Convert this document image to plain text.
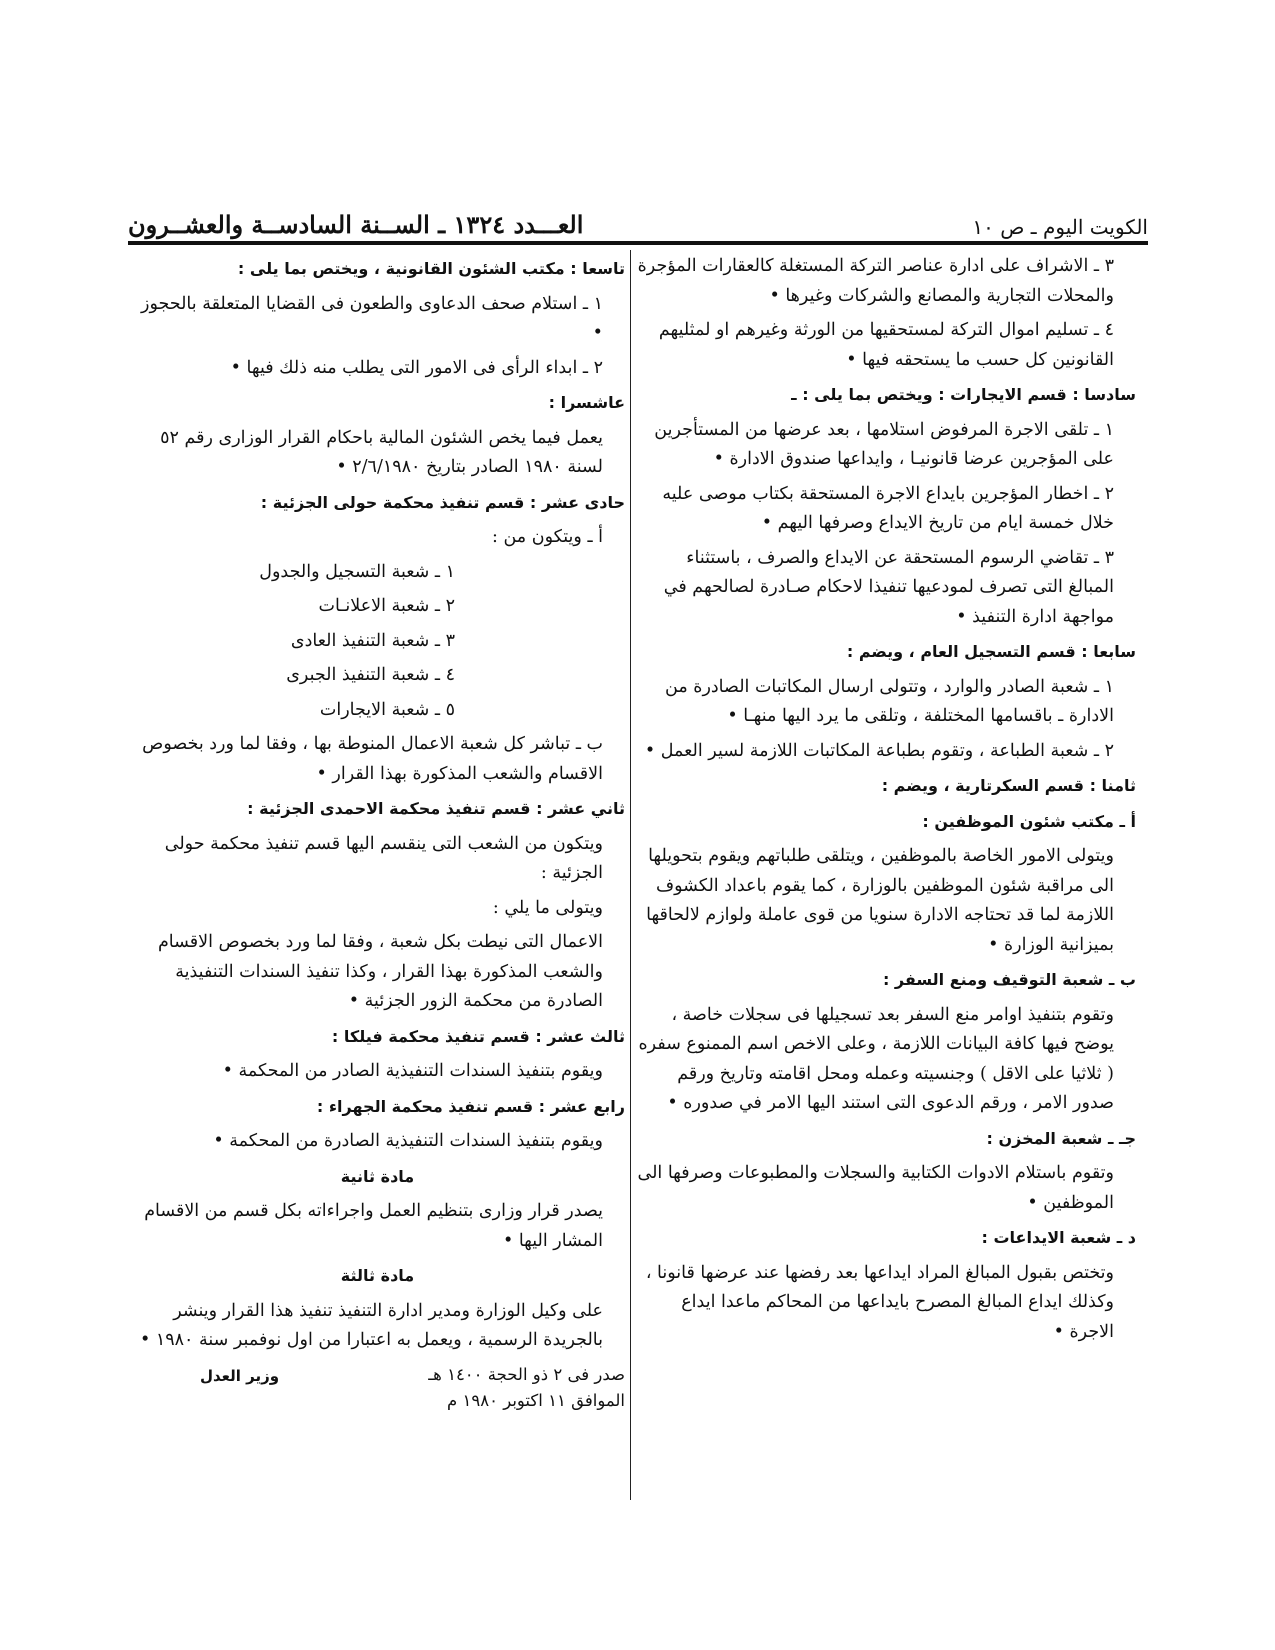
الكويت اليوم ـ ص ١٠
العـــدد ١٣٢٤ ـ الســنة السادســة والعشــرون

٣ ـ الاشراف على ادارة عناصر التركة المستغلة كالعقارات المؤجرة والمحلات التجارية والمصانع والشركات وغيرها •

٤ ـ تسليم اموال التركة لمستحقيها من الورثة وغيرهم او لمثليهم القانونين كل حسب ما يستحقه فيها •

سادسا : قسم الايجارات : ويختص بما يلى : ـ

١ ـ تلقى الاجرة المرفوض استلامها ، بعد عرضها من المستأجرين على المؤجرين عرضا قانونيـا ، وايداعها صندوق الادارة •

٢ ـ اخطار المؤجرين بايداع الاجرة المستحقة بكتاب موصى عليه خلال خمسة ايام من تاريخ الايداع وصرفها اليهم •

٣ ـ تقاضي الرسوم المستحقة عن الايداع والصرف ، باستثناء المبالغ التى تصرف لمودعيها تنفيذا لاحكام صـادرة لصالحهم في مواجهة ادارة التنفيذ •

سابعا : قسم التسجيل العام ، ويضم :

١ ـ شعبة الصادر والوارد ، وتتولى ارسال المكاتبات الصادرة من الادارة ـ باقسامها المختلفة ، وتلقى ما يرد اليها منهـا •

٢ ـ شعبة الطباعة ، وتقوم بطباعة المكاتبات اللازمة لسير العمل •

ثامنا : قسم السكرتارية ، ويضم :
أ ـ مكتب شئون الموظفين :

ويتولى الامور الخاصة بالموظفين ، ويتلقى طلباتهم ويقوم بتحويلها الى مراقبة شئون الموظفين بالوزارة ، كما يقوم باعداد الكشوف اللازمة لما قد تحتاجه الادارة سنويا من قوى عاملة ولوازم لالحاقها بميزانية الوزارة •

ب ـ شعبة التوقيف ومنع السفر :

وتقوم بتنفيذ اوامر منع السفر بعد تسجيلها فى سجلات خاصة ، يوضح فيها كافة البيانات اللازمة ، وعلى الاخص اسم الممنوع سفره ( ثلاثيا على الاقل ) وجنسيته وعمله ومحل اقامته وتاريخ ورقم صدور الامر ، ورقم الدعوى التى استند اليها الامر في صدوره •

جـ ـ شعبة المخزن :

وتقوم باستلام الادوات الكتابية والسجلات والمطبوعات وصرفها الى الموظفين •

د ـ شعبة الايداعات :

وتختص بقبول المبالغ المراد ايداعها بعد رفضها عند عرضها قانونا ، وكذلك ايداع المبالغ المصرح بايداعها من المحاكم ماعدا ايداع الاجرة •

تاسعا : مكتب الشئون القانونية ، ويختص بما يلى :

١ ـ استلام صحف الدعاوى والطعون فى القضايا المتعلقة بالحجوز •

٢ ـ ابداء الرأى فى الامور التى يطلب منه ذلك فيها •

عاشسرا :

يعمل فيما يخص الشئون المالية باحكام القرار الوزارى رقم ٥٢ لسنة ١٩٨٠ الصادر بتاريخ ٢/٦/١٩٨٠ •

حادى عشر : قسم تنفيذ محكمة حولى الجزئية :

أ ـ ويتكون من :

١ ـ شعبة التسجيل والجدول

٢ ـ شعبة الاعلانـات

٣ ـ شعبة التنفيذ العادى

٤ ـ شعبة التنفيذ الجبرى

٥ ـ شعبة الايجارات

ب ـ تباشر كل شعبة الاعمال المنوطة بها ، وفقا لما ورد بخصوص الاقسام والشعب المذكورة بهذا القرار •

ثاني عشر : قسم تنفيذ محكمة الاحمدى الجزئية :

ويتكون من الشعب التى ينقسم اليها قسم تنفيذ محكمة حولى الجزئية :

ويتولى ما يلي :

الاعمال التى نيطت بكل شعبة ، وفقا لما ورد بخصوص الاقسام والشعب المذكورة بهذا القرار ، وكذا تنفيذ السندات التنفيذية الصادرة من محكمة الزور الجزئية •

ثالث عشر : قسم تنفيذ محكمة فيلكا :

ويقوم بتنفيذ السندات التنفيذية الصادر من المحكمة •

رابع عشر : قسم تنفيذ محكمة الجهراء :

ويقوم بتنفيذ السندات التنفيذية الصادرة من المحكمة •

مادة ثانية

يصدر قرار وزارى بتنظيم العمل واجراءاته بكل قسم من الاقسام المشار اليها •

مادة ثالثة

على وكيل الوزارة ومدير ادارة التنفيذ تنفيذ هذا القرار وينشر بالجريدة الرسمية ، ويعمل به اعتبارا من اول نوفمبر سنة ١٩٨٠ •

صدر فى ٢ ذو الحجة ١٤٠٠ هـ
الموافق ١١ اكتوبر ١٩٨٠ م
وزير العدل
